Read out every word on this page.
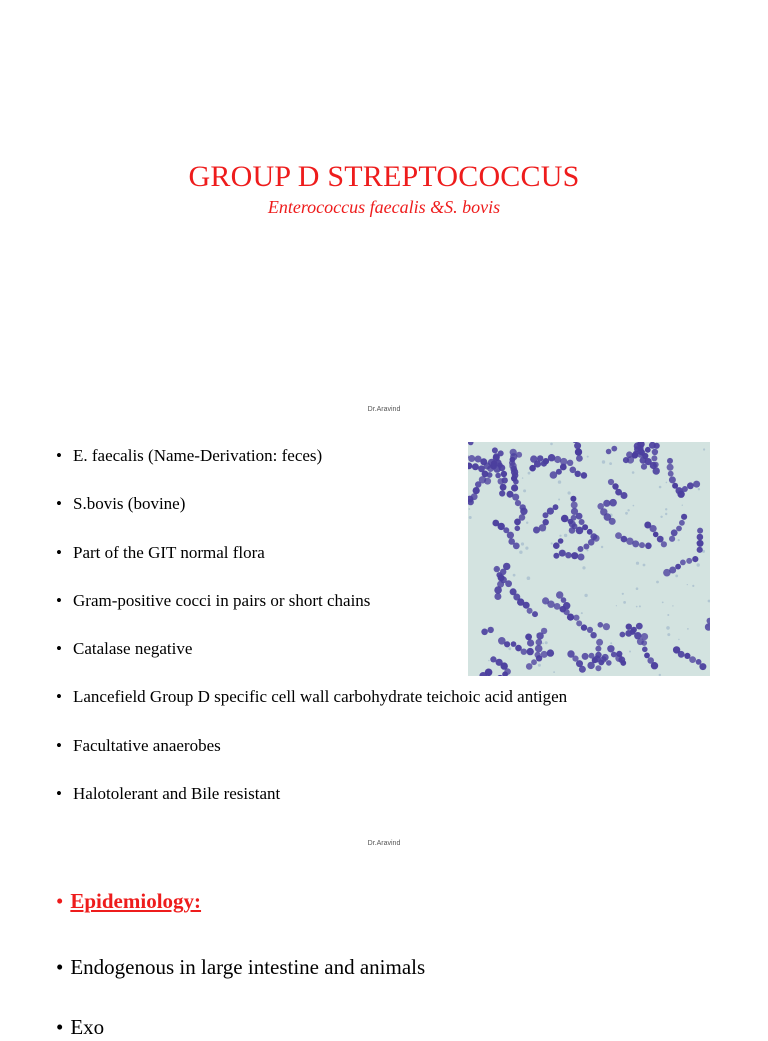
GROUP D STREPTOCOCCUS
Enterococcus faecalis &S. bovis
Dr.Aravind
• E. faecalis (Name-Derivation: feces)
• S.bovis (bovine)
• Part of the GIT normal flora
• Gram-positive cocci in pairs or short chains
• Catalase negative
• Lancefield Group D specific cell wall carbohydrate teichoic acid antigen
• Facultative anaerobes
• Halotolerant and Bile resistant
Dr.Aravind
• Epidemiology:
• Endogenous in large intestine and animals
• Exo
